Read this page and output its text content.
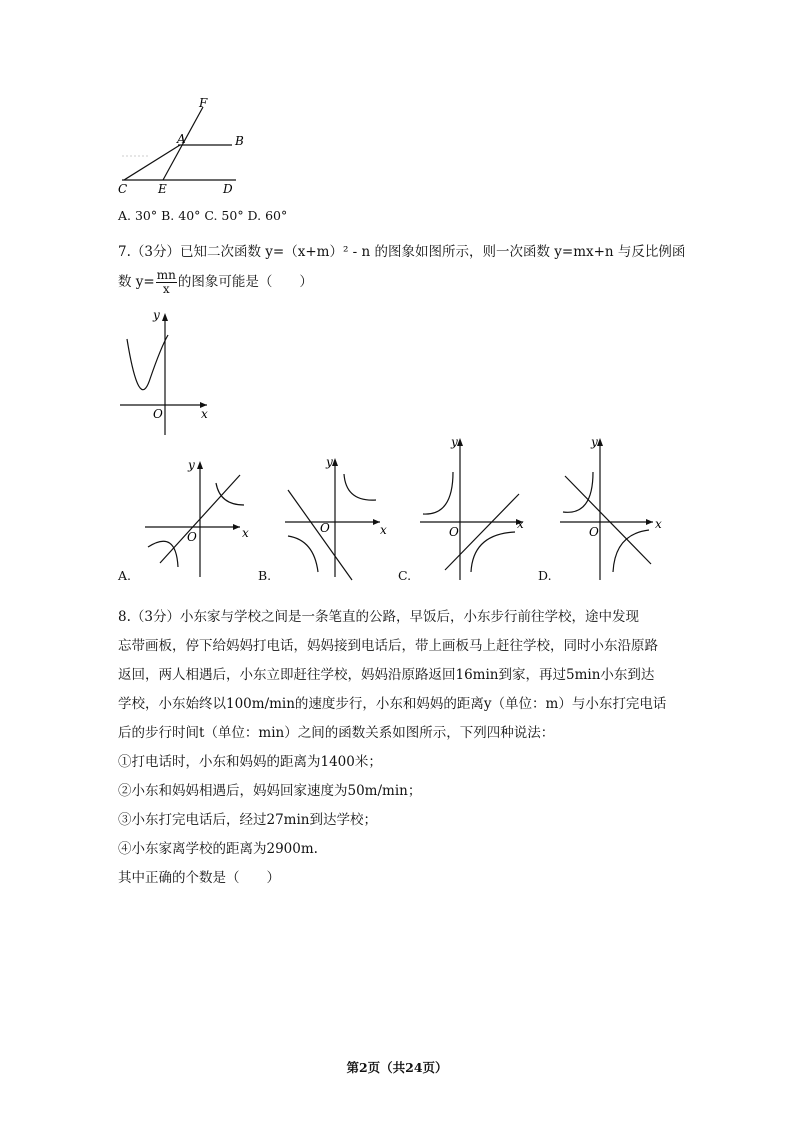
F
A	B
C	E	D
A. 30° B. 40° C. 50° D. 60°
7.（3分）已知二次函数 y=（x+m）² - n 的图象如图所示，则一次函数 y=mx+n 与反比例函
数 $y= \frac{mn}{x}$ 的图象可能是（　　）
O	x
y
O	x
y
A.
O	x
y
B.
O
x
y
C.
O
x
y
D.
8.（3分）小东家与学校之间是一条笔直的公路，早饭后，小东步行前往学校，途中发现
忘带画板，停下给妈妈打电话，妈妈接到电话后，带上画板马上赶往学校，同时小东沿原路
返回，两人相遇后，小东立即赶往学校，妈妈沿原路返回16min到家，再过5min小东到达
学校，小东始终以100m/min的速度步行，小东和妈妈的距离y（单位：m）与小东打完电话
后的步行时间t（单位：min）之间的函数关系如图所示，下列四种说法：
①打电话时，小东和妈妈的距离为1400米；
②小东和妈妈相遇后，妈妈回家速度为50m/min；
③小东打完电话后，经过27min到达学校；
④小东家离学校的距离为2900m.
其中正确的个数是（　　）
第2页（共24页）
